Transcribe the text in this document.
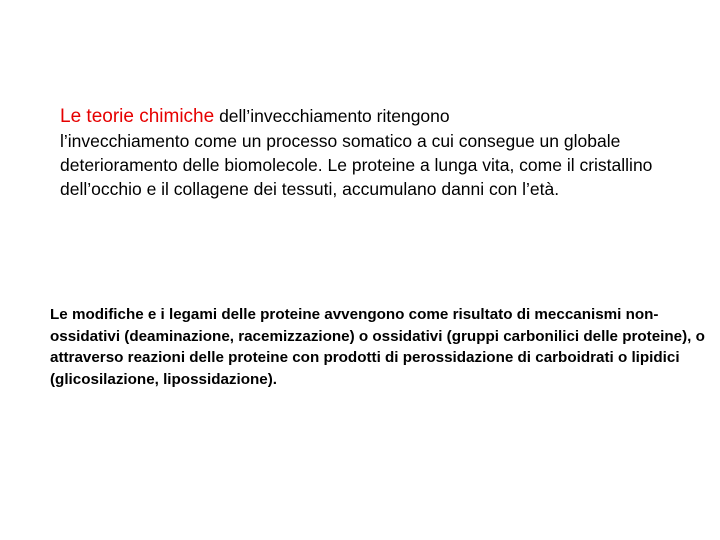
Le teorie chimiche dell’invecchiamento ritengono
l’invecchiamento come un processo somatico a cui consegue un globale deterioramento delle biomolecole. Le proteine a lunga vita, come il cristallino dell’occhio e il collagene dei tessuti, accumulano danni con l’età.

Le modifiche e i legami delle proteine avvengono come risultato di meccanismi non-ossidativi (deaminazione, racemizzazione) o ossidativi (gruppi carbonilici delle proteine), o attraverso reazioni delle proteine con prodotti di perossidazione di carboidrati o lipidici (glicosilazione, lipossidazione).
